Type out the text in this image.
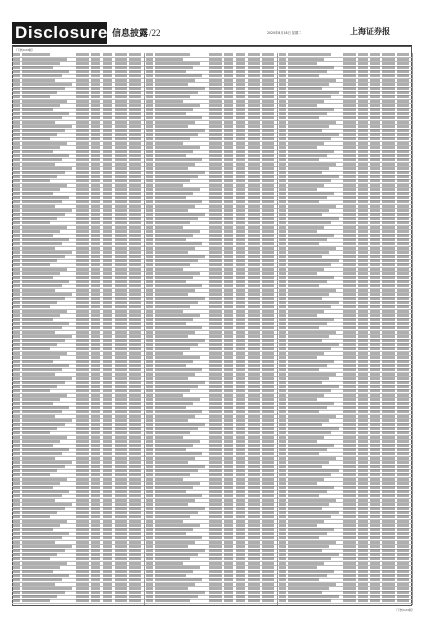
Disclosure 信息披露/22	2020年8月18日 星期二	上海证券报
（下转C23版）
（下转C23版）
